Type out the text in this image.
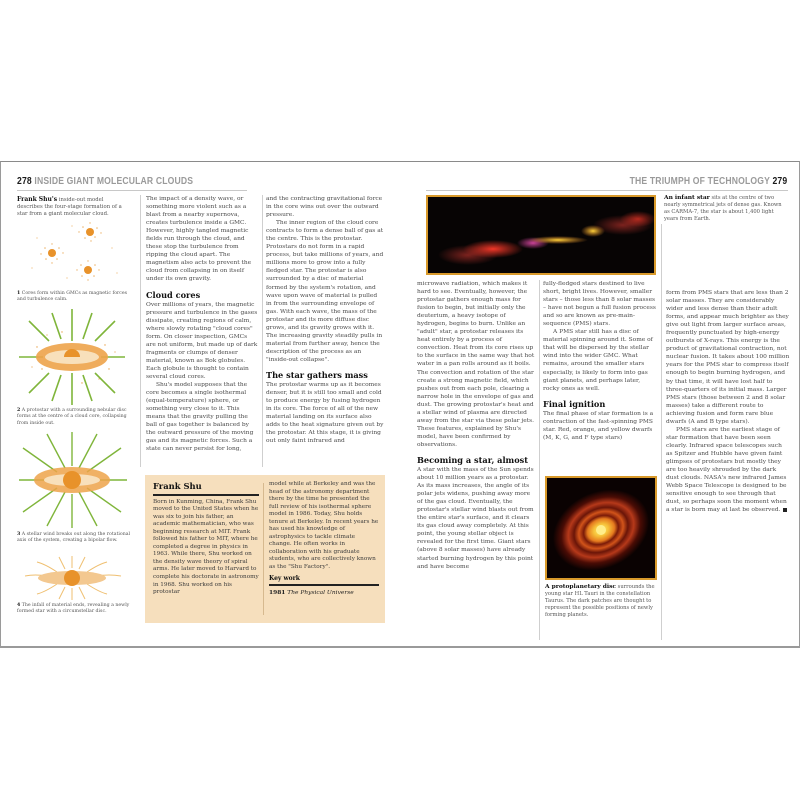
278 INSIDE GIANT MOLECULAR CLOUDS
Frank Shu's inside-out model describes the four-stage formation of a star from a giant molecular cloud.
1 Cores form within GMCs as magnetic forces and turbulence calm.
2 A protostar with a surrounding nebular disc forms at the centre of a cloud core, collapsing from inside out.
3 A stellar wind breaks out along the rotational axis of the system, creating a bipolar flow.
4 The infall of material ends, revealing a newly formed star with a circumstellar disc.

The impact of a density wave, or something more violent such as a blast from a nearby supernova, creates turbulence inside a GMC. However, highly tangled magnetic fields run through the cloud, and these stop the turbulence from ripping the cloud apart. The magnetism also acts to prevent the cloud from collapsing in on itself under its own gravity.

Cloud cores

Over millions of years, the magnetic pressure and turbulence in the gases dissipate, creating regions of calm, where slowly rotating "cloud cores" form. On closer inspection, GMCs are not uniform, but made up of dark fragments or clumps of denser material, known as Bok globules. Each globule is thought to contain several cloud cores.

Shu's model supposes that the core becomes a single isothermal (equal-temperature) sphere, or something very close to it. This means that the gravity pulling the ball of gas together is balanced by the outward pressure of the moving gas and its magnetic forces. Such a state can never persist for long,

and the contracting gravitational force in the core wins out over the outward pressure.

The inner region of the cloud core contracts to form a dense ball of gas at the centre. This is the protostar. Protostars do not form in a rapid process, but take millions of years, and millions more to grow into a fully fledged star. The protostar is also surrounded by a disc of material formed by the system's rotation, and wave upon wave of material is pulled in from the surrounding envelope of gas. With each wave, the mass of the protostar and its more diffuse disc grows, and its gravity grows with it. The increasing gravity steadily pulls in material from further away, hence the description of the process as an "inside-out collapse".

The star gathers mass

The protostar warms up as it becomes denser, but it is still too small and cold to produce energy by fusing hydrogen in its core. The force of all of the new material landing on its surface also adds to the heat signature given out by the protostar. At this stage, it is giving out only faint infrared and

Frank Shu

Born in Kunming, China, Frank Shu moved to the United States when he was six to join his father, an academic mathematician, who was beginning research at MIT. Frank followed his father to MIT, where he completed a degree in physics in 1963. While there, Shu worked on the density wave theory of spiral arms. He later moved to Harvard to complete his doctorate in astronomy in 1968. Shu worked on his protostar

model while at Berkeley and was the head of the astronomy department there by the time he presented the full review of his isothermal sphere model in 1986. Today, Shu holds tenure at Berkeley. In recent years he has used his knowledge of astrophysics to tackle climate change. He often works in collaboration with his graduate students, who are collectively known as the "Shu Factory".

Key work
1981 The Physical Universe
THE TRIUMPH OF TECHNOLOGY 279
An infant star sits at the centre of two nearly symmetrical jets of dense gas. Known as CARMA-7, the star is about 1,400 light years from Earth.

microwave radiation, which makes it hard to see. Eventually, however, the protostar gathers enough mass for fusion to begin, but initially only the deuterium, a heavy isotope of hydrogen, begins to burn. Unlike an "adult" star, a protostar releases its heat entirely by a process of convection. Heat from its core rises up to the surface in the same way that hot water in a pan rolls around as it boils. The convection and rotation of the star create a strong magnetic field, which pushes out from each pole, clearing a narrow hole in the envelope of gas and dust. The growing protostar's heat and a stellar wind of plasma are directed away from the star via these polar jets. These features, explained by Shu's model, have been confirmed by observations.

Becoming a star, almost

A star with the mass of the Sun spends about 10 million years as a protostar. As its mass increases, the angle of its polar jets widens, pushing away more of the gas cloud. Eventually, the protostar's stellar wind blasts out from the entire star's surface, and it clears its gas cloud away completely. At this point, the young stellar object is revealed for the first time. Giant stars (above 8 solar masses) have already started burning hydrogen by this point and have become

fully-fledged stars destined to live short, bright lives. However, smaller stars – those less than 8 solar masses – have not begun a full fusion process and so are known as pre-main-sequence (PMS) stars.

A PMS star still has a disc of material spinning around it. Some of that will be dispersed by the stellar wind into the wider GMC. What remains, around the smaller stars especially, is likely to form into gas giant planets, and perhaps later, rocky ones as well.

Final ignition

The final phase of star formation is a contraction of the fast-spinning PMS star. Red, orange, and yellow dwarfs (M, K, G, and F type stars)

A protoplanetary disc surrounds the young star HL Tauri in the constellation Taurus. The dark patches are thought to represent the possible positions of newly forming planets.

form from PMS stars that are less than 2 solar masses. They are considerably wider and less dense than their adult forms, and appear much brighter as they give out light from larger surface areas, frequently punctuated by high-energy outbursts of X-rays. This energy is the product of gravitational contraction, not nuclear fusion. It takes about 100 million years for the PMS star to compress itself enough to begin burning hydrogen, and by that time, it will have lost half to three-quarters of its initial mass. Larger PMS stars (those between 2 and 8 solar masses) take a different route to achieving fusion and form rare blue dwarfs (A and B type stars).

PMS stars are the earliest stage of star formation that have been seen clearly. Infrared space telescopes such as Spitzer and Hubble have given faint glimpses of protostars but mostly they are too heavily shrouded by the dark dust clouds. NASA's new infrared James Webb Space Telescope is designed to be sensitive enough to see through that dust, so perhaps soon the moment when a star is born may at last be observed.
